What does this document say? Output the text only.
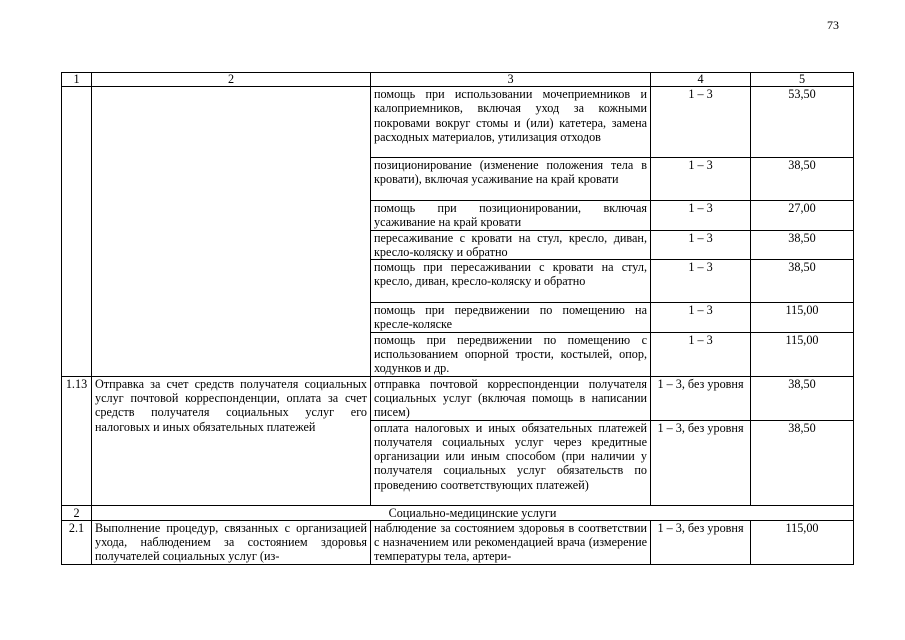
73
1	2	3	4	5
		помощь при использовании мочеприемников и калоприемников, включая уход за кожными покровами вокруг стомы и (или) катетера, замена расходных материалов, утилизация отходов	1 – 3	53,50
		позиционирование (изменение положения тела в кровати), включая усаживание на край кровати	1 – 3	38,50
		помощь при позиционировании, включая усаживание на край кровати	1 – 3	27,00
		пересаживание с кровати на стул, кресло, диван, кресло-коляску и обратно	1 – 3	38,50
		помощь при пересаживании с кровати на стул, кресло, диван, кресло-коляску и обратно	1 – 3	38,50
		помощь при передвижении по помещению на кресле-коляске	1 – 3	115,00
		помощь при передвижении по помещению с использованием опорной трости, костылей, опор, ходунков и др.	1 – 3	115,00
1.13	Отправка за счет средств получателя социальных услуг почтовой корреспонденции, оплата за счет средств получателя социальных услуг его налоговых и иных обязательных платежей	отправка почтовой корреспонденции получателя социальных услуг (включая помощь в написании писем)	1 – 3, без уровня	38,50
		оплата налоговых и иных обязательных платежей получателя социальных услуг через кредитные организации или иным способом (при наличии у получателя социальных услуг обязательств по проведению соответствующих платежей)	1 – 3, без уровня	38,50
2	Социально-медицинские услуги			
2.1	Выполнение процедур, связанных с организацией ухода, наблюдением за состоянием здоровья получателей социальных услуг (из-	наблюдение за состоянием здоровья в соответствии с назначением или рекомендацией врача (измерение температуры тела, артери-	1 – 3, без уровня	115,00
